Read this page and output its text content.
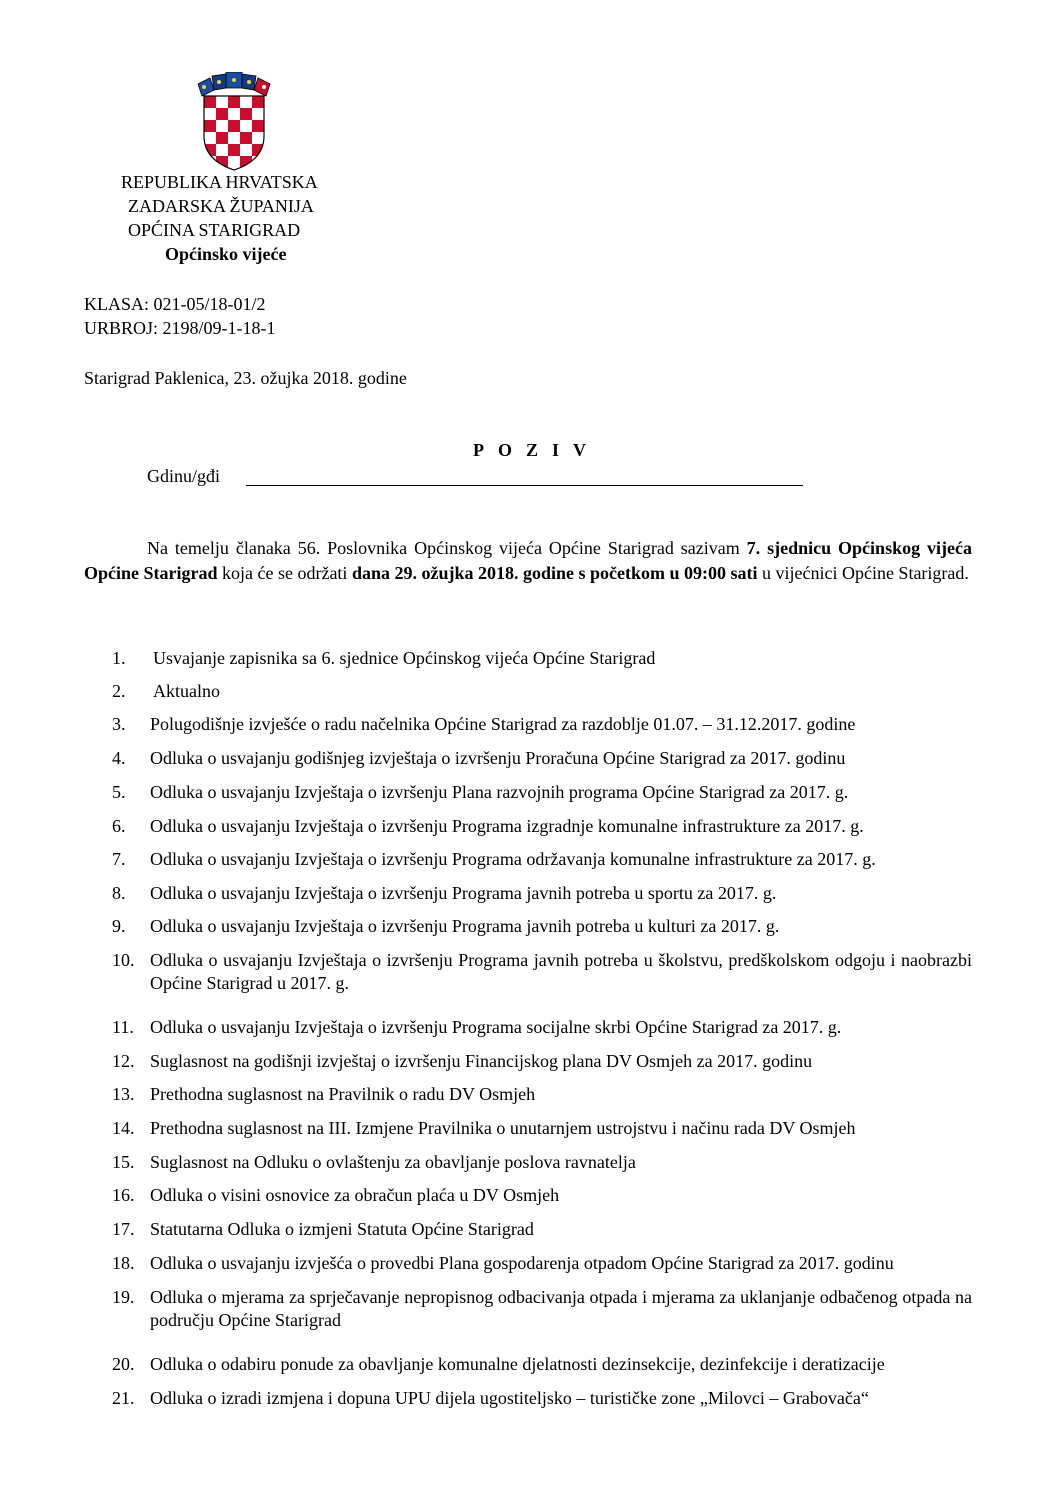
REPUBLIKA HRVATSKA
ZADARSKA ŽUPANIJA
OPĆINA STARIGRAD
Općinsko vijeće
KLASA: 021-05/18-01/2
URBROJ: 2198/09-1-18-1
Starigrad Paklenica, 23. ožujka 2018. godine
POZIV
Gdinu/gđi
Na temelju članaka 56. Poslovnika Općinskog vijeća Općine Starigrad sazivam 7. sjednicu Općinskog vijeća Općine Starigrad koja će se održati dana 29. ožujka 2018. godine s početkom u 09:00 sati u vijećnici Općine Starigrad.
1.	Usvajanje zapisnika sa 6. sjednice Općinskog vijeća Općine Starigrad
2.	Aktualno
3.	Polugodišnje izvješće o radu načelnika Općine Starigrad za razdoblje 01.07. – 31.12.2017. godine
4.	Odluka o usvajanju godišnjeg izvještaja o izvršenju Proračuna Općine Starigrad za 2017. godinu
5.	Odluka o usvajanju Izvještaja o izvršenju Plana razvojnih programa Općine Starigrad za 2017. g.
6.	Odluka o usvajanju Izvještaja o izvršenju Programa izgradnje komunalne infrastrukture za 2017. g.
7.	Odluka o usvajanju Izvještaja o izvršenju Programa održavanja komunalne infrastrukture za 2017. g.
8.	Odluka o usvajanju Izvještaja o izvršenju Programa javnih potreba u sportu za 2017. g.
9.	Odluka o usvajanju Izvještaja o izvršenju Programa javnih potreba u kulturi za 2017. g.
10. Odluka o usvajanju Izvještaja o izvršenju Programa javnih potreba u školstvu, predškolskom odgoju i naobrazbi Općine Starigrad u 2017. g.
11. Odluka o usvajanju Izvještaja o izvršenju Programa socijalne skrbi Općine Starigrad za 2017. g.
12. Suglasnost na godišnji izvještaj o izvršenju Financijskog plana DV Osmjeh za 2017. godinu
13. Prethodna suglasnost na Pravilnik o radu DV Osmjeh
14. Prethodna suglasnost na III. Izmjene Pravilnika o unutarnjem ustrojstvu i načinu rada DV Osmjeh
15. Suglasnost na Odluku o ovlaštenju za obavljanje poslova ravnatelja
16. Odluka o visini osnovice za obračun plaća u DV Osmjeh
17. Statutarna Odluka o izmjeni Statuta Općine Starigrad
18. Odluka o usvajanju izvješća o provedbi Plana gospodarenja otpadom Općine Starigrad za 2017. godinu
19. Odluka o mjerama za sprječavanje nepropisnog odbacivanja otpada i mjerama za uklanjanje odbačenog otpada na području Općine Starigrad
20. Odluka o odabiru ponude za obavljanje komunalne djelatnosti dezinsekcije, dezinfekcije i deratizacije
21. Odluka o izradi izmjena i dopuna UPU dijela ugostiteljsko – turističke zone „Milovci – Grabovača“
